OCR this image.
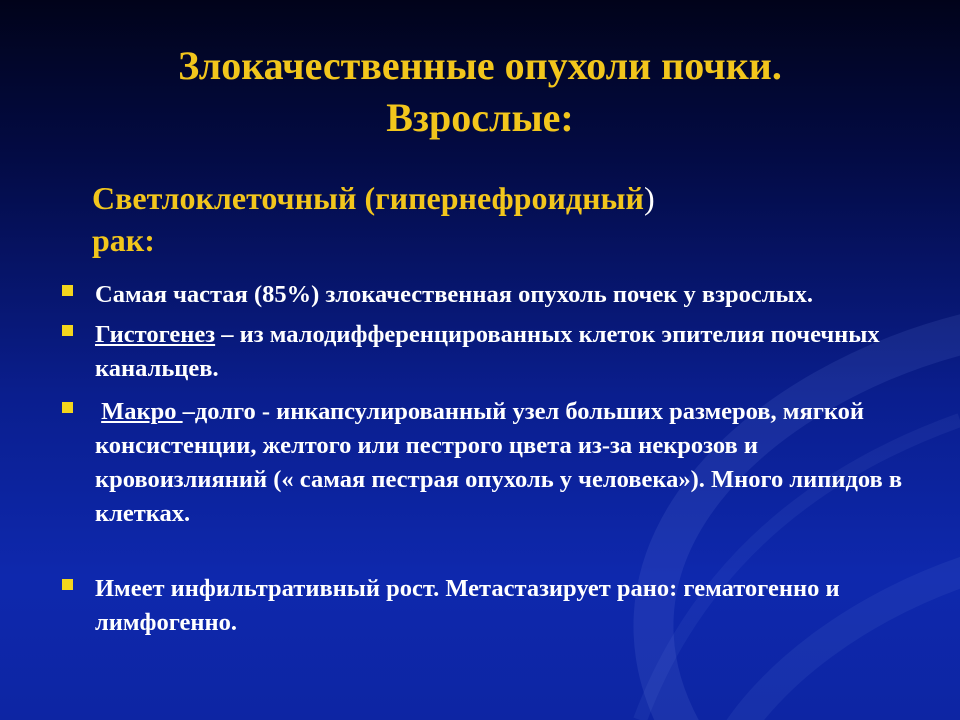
Злокачественные опухоли почки.
Взрослые:
Светлоклеточный (гипернефроидный)
рак:
Самая частая (85%) злокачественная опухоль почек у взрослых.
Гистогенез – из малодифференцированных клеток эпителия почечных канальцев.
Макро –долго - инкапсулированный узел больших размеров, мягкой консистенции, желтого или пестрого цвета из-за некрозов и кровоизлияний (« самая пестрая опухоль у человека»). Много липидов в клетках.
Имеет инфильтративный рост. Метастазирует рано: гематогенно и лимфогенно.
